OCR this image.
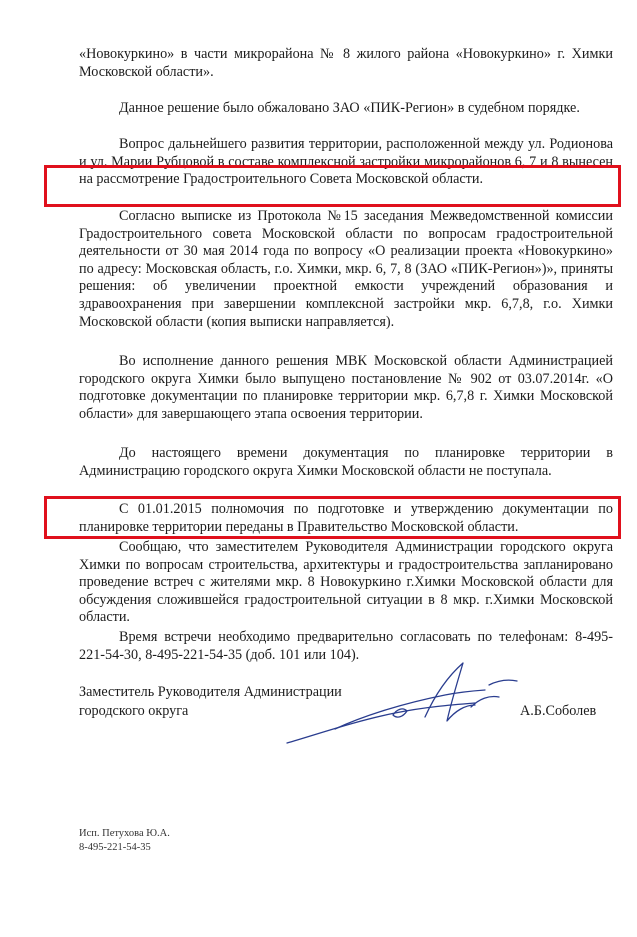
«Новокуркино» в части микрорайона № 8 жилого района «Новокуркино» г. Химки Московской области».

Данное решение было обжаловано ЗАО «ПИК-Регион» в судебном порядке.

Вопрос дальнейшего развития территории, расположенной между ул. Родионова и ул. Марии Рубцовой в составе комплексной застройки микрорайонов 6, 7 и 8 вынесен на рассмотрение Градостроительного Совета Московской области.

Согласно выписке из Протокола №15 заседания Межведомственной комиссии Градостроительного совета Московской области по вопросам градостроительной деятельности от 30 мая 2014 года по вопросу «О реализации проекта «Новокуркино» по адресу: Московская область, г.о. Химки, мкр. 6, 7, 8 (ЗАО «ПИК-Регион»)», приняты решения: об увеличении проектной емкости учреждений образования и здравоохранения при завершении комплексной застройки мкр. 6,7,8, г.о. Химки Московской области (копия выписки направляется).

Во исполнение данного решения МВК Московской области Администрацией городского округа Химки было выпущено постановление № 902 от 03.07.2014г. «О подготовке документации по планировке территории мкр. 6,7,8 г. Химки Московской области» для завершающего этапа освоения территории.

До настоящего времени документация по планировке территории в Администрацию городского округа Химки Московской области не поступала.

С 01.01.2015 полномочия по подготовке и утверждению документации по планировке территории переданы в Правительство Московской области.

Сообщаю, что заместителем Руководителя Администрации городского округа Химки по вопросам строительства, архитектуры и градостроительства запланировано проведение встреч с жителями мкр. 8 Новокуркино г.Химки Московской области для обсуждения сложившейся градостроительной ситуации в 8 мкр. г.Химки Московской области.

Время встречи необходимо предварительно согласовать по телефонам: 8-495-221-54-30, 8-495-221-54-35 (доб. 101 или 104).

Заместитель Руководителя Администрации
городского округа	А.Б.Соболев
Исп. Петухова Ю.А.
8-495-221-54-35
